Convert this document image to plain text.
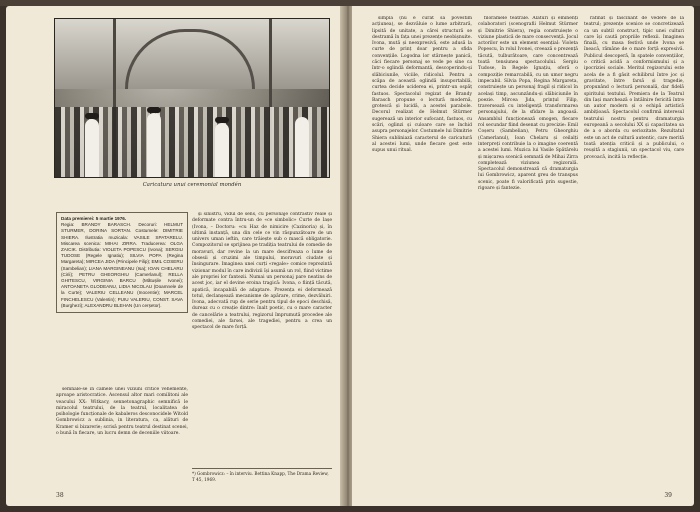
Caricatura unui ceremonial mondén

Data premierei: 5 martie 1976.

Regia: BRANDY BARASCH. Decoruri: HELMUT STURMER, DORINA SORTAN. Costumele: DIMITRIE SHIERA. Ilustratia muzicala: VASILE SPATARELU. Miscarea scenica: MIHAI ZIRRA. Traducerea: OLGA ZAICIK. Distributia: VIOLETA POPESCU (Ivona); SERGIU TUDOSE (Regele Ignatiu); SILVIA POPA (Regina Margareta); MIRCEA JIDA (Principele Filip); EMIL COSERU (Sambelian); LIANA MARGINEANU (Isa); IOAN CHELARU (Cirii); PETRU GHEORGHIU (Camerlanul); RELLA GHITESCU, VIRGINIA BARCU (Mătușile Ivonei); ANTOANETA GLODEANU, LIDIA NICOLAU (Doamnele de la Curte); VALERIU CELLEANU (Inocentie); MARCEL FINCHELESCU (Valentin); PUIU VALERIU, CONST. SAVA (Burghezi); ALEXANDRU BLEHAN (Un cerșetor).

semnale-se in camele unei viziuni critice vehemente, aproape aristocratice. Ascensul altor mari comilitoni ale veacului XX: Witkacy, sennetonagraphic semnifică le miracolul teatrului, de la teatrul, localitatea de psihologie funcționale de kabaleros desconocidele Witold Gombrowicz a sublinia, in literatura, ca, alături de Kramer si bizarerie; scrisă pentru teatrul destinat scenei, o bună în fiecare, un lucru demn de deceniile viitoare.

și sinistru, vidul de sens, cu personaje contrastiv reale și deformate contra întru-un de «ce simbolic» Curte de Iașe (Ivona, – Doctoru: «cu Haz de nimicire (Cazinoria) și, în ultimă instanță, una din cele ce vin răspunzătoare de un univers uman ieftin, care trăiește sub o mască obligatorie. Compozitorul se sprijinea pe tradiția teatrului de comedie de moravuri, dar revine la un mare descifreaza o lume de obsesii și cruzimi ale timpului, moravuri ciudate și însingurare. Imaginea unei curți «regale» comice reprezintă vizionar modul în care indivizii își asumă un rol, fiind victime ale propriei lor fantezii. Numai un personaj pare neatins de acest joc, iar el devine eroina tragică: Ivona, o ființă tăcută, apatică, incapabilă de adaptare. Prezența ei deformează totul, declanșează mecanisme de apărare, crime, dezvăluiri. Ivona, adecvată rup de serie pentru tipul de epoci deschisă, dureaz cu o creație dintre: înalt poetic, cu o mare caracter de cancelărie a teatrului, regizorul împrumută procedee ale comediei, ale farsei, ale tragediei, pentru a crea un spectacol de mare forță.

*) Gombrowicz: – în interviu. Bettina Knapp, The Drama Review, T 45, 1969.
38

simplă (nu e curat să povestim acțiunea), se dezvăluie o lume arbitrară, lipsită de unitate, a cărei structură se destramă în fața unei prezențe neobișnuite. Ivona, mută și neexpresivă, este adusă la curte de prinț doar pentru a sfida convențiile. Logodna lor stârnește panică, căci fiecare personaj se vede pe sine ca într-o oglindă deformantă, descoperindu-și slăbiciunile, viciile, ridicolul. Pentru a scăpa de această oglindă insuportabilă, curtea decide uciderea ei, printr-un ospăț fastuos. Spectacolul regizat de Brandy Barasch propune o lectură modernă, grotescă și lucidă, a acestei parabole. Decorul realizat de Helmut Stürmer sugerează un interior sufocant, fastuos, cu scări, oglinzi și culoare care se închid asupra personajelor. Costumele lui Dimitrie Shiera subliniază caracterul de caricatură al acestei lumi, unde fiecare gest este supus unui ritual.

filoramele teatrale. Alături și eminenți colaboratori (scenografii Helmut Stürmer și Dimitrie Shiera), regia construiește o viziune plastică de mare consecvență. Jocul actorilor este un element esențial: Violeta Popescu, în rolul Ivonei, creează o prezență tăcută, tulburătoare, care concentrează toată tensiunea spectacolului. Sergiu Tudose, în Regele Ignațiu, oferă o compoziție remarcabilă, cu un umor negru impecabil. Silvia Popa, Regina Margareta, construiește un personaj fragil și ridicol în același timp, ascunzându-și slăbiciunile în poezie. Mircea Jida, prințul Filip, traversează cu inteligență transformarea personajului, de la sfidare la angoasă. Ansamblul funcționează omogen, fiecare rol secundar fiind desenat cu precizie: Emil Coșeru (Sambelian), Petru Gheorghiu (Camerlanul), Ioan Chelaru și ceilalți interpreți contribuie la o imagine coerentă a acestei lumi. Muzica lui Vasile Spătărelu și mișcarea scenică semnată de Mihai Zirra completează viziunea regizorală. Spectacolul demonstrează că dramaturgia lui Gombrowicz, aparent greu de transpus scenic, poate fi valorificată prin sugestie, rigoare și fantezie.

rafinat și fascinant de vedere de la teatrul; prezențe scenice se concretizează ca un subtil construct, tipic unei culturi care își caută propriile reflexii. Imaginea finală, cu masa festivă unde Ivona se îneacă, rămâne de o mare forță expresivă. Publicul descoperă, în spatele convențiilor, o critică acidă a conformismului și a ipocriziei sociale. Meritul regizorului este acela de a fi găsit echilibrul între joc și gravitate, între farsă și tragedie, propunând o lectură personală, dar fidelă spiritului textului. Premiera de la Teatrul din Iași marchează o întâlnire fericită între un autor modern și o echipă artistică ambițioasă. Spectacolul confirmă interesul teatrului nostru pentru dramaturgia europeană a secolului XX și capacitatea sa de a o aborda cu seriozitate. Rezultatul este un act de cultură autentic, care merită toată atenția criticii și a publicului, o reușită a stagiunii, un spectacol viu, care provoacă, incită la reflecție.

39
